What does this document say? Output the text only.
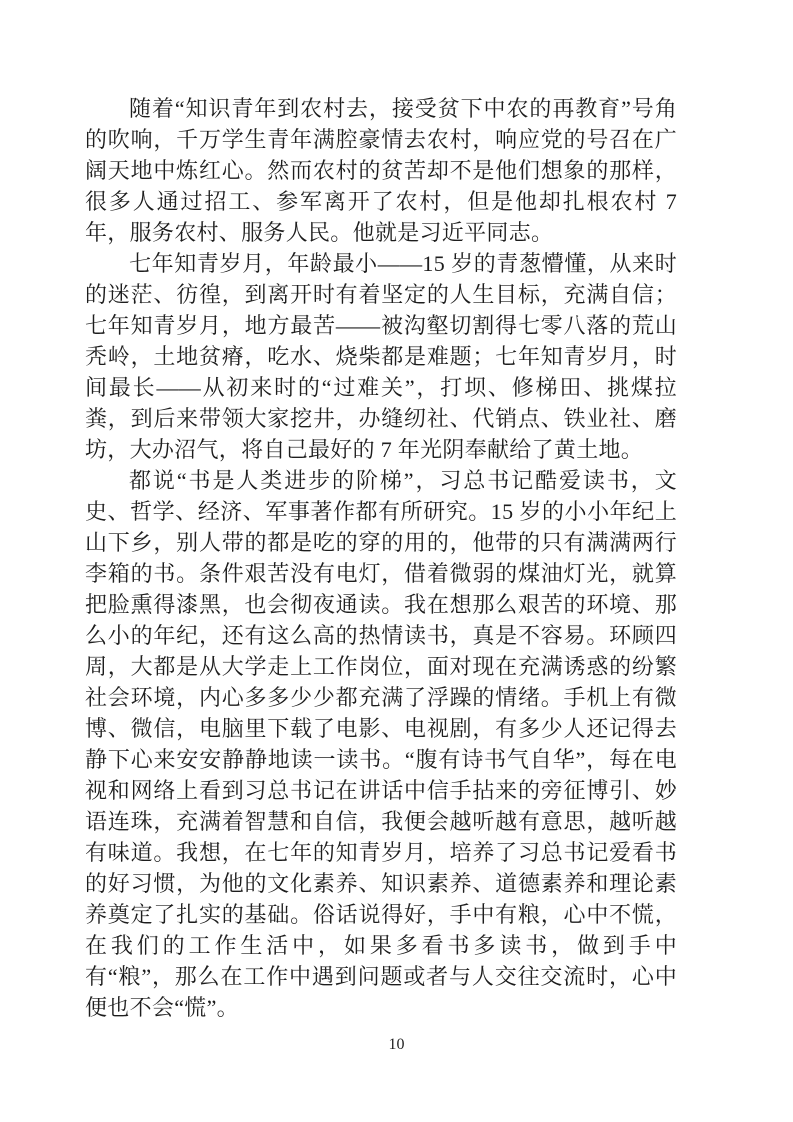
随着“知识青年到农村去，接受贫下中农的再教育”号角的吹响，千万学生青年满腔豪情去农村，响应党的号召在广阔天地中炼红心。然而农村的贫苦却不是他们想象的那样，很多人通过招工、参军离开了农村，但是他却扎根农村 7 年，服务农村、服务人民。他就是习近平同志。

七年知青岁月，年龄最小——15 岁的青葱懵懂，从来时的迷茫、彷徨，到离开时有着坚定的人生目标，充满自信；七年知青岁月，地方最苦——被沟壑切割得七零八落的荒山秃岭，土地贫瘠，吃水、烧柴都是难题；七年知青岁月，时间最长——从初来时的“过难关”，打坝、修梯田、挑煤拉粪，到后来带领大家挖井，办缝纫社、代销点、铁业社、磨坊，大办沼气，将自己最好的 7 年光阴奉献给了黄土地。

都说“书是人类进步的阶梯”，习总书记酷爱读书，文史、哲学、经济、军事著作都有所研究。15 岁的小小年纪上山下乡，别人带的都是吃的穿的用的，他带的只有满满两行李箱的书。条件艰苦没有电灯，借着微弱的煤油灯光，就算把脸熏得漆黑，也会彻夜通读。我在想那么艰苦的环境、那么小的年纪，还有这么高的热情读书，真是不容易。环顾四周，大都是从大学走上工作岗位，面对现在充满诱惑的纷繁社会环境，内心多多少少都充满了浮躁的情绪。手机上有微博、微信，电脑里下载了电影、电视剧，有多少人还记得去静下心来安安静静地读一读书。“腹有诗书气自华”，每在电视和网络上看到习总书记在讲话中信手拈来的旁征博引、妙语连珠，充满着智慧和自信，我便会越听越有意思，越听越有味道。我想，在七年的知青岁月，培养了习总书记爱看书的好习惯，为他的文化素养、知识素养、道德素养和理论素养奠定了扎实的基础。俗话说得好，手中有粮，心中不慌，在我们的工作生活中，如果多看书多读书，做到手中有“粮”，那么在工作中遇到问题或者与人交往交流时，心中便也不会“慌”。

10
